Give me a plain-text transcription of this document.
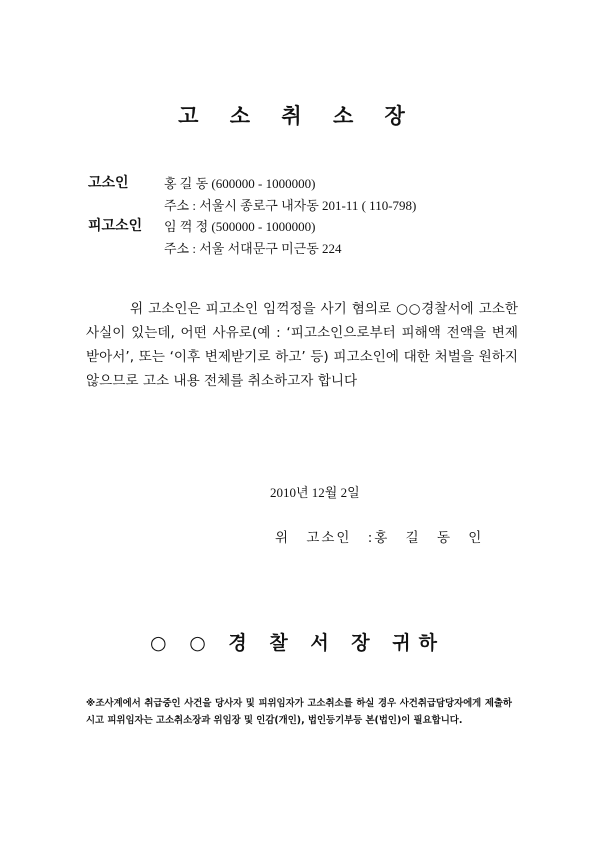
고 소 취 소 장
고소인	홍 길 동 (600000 - 1000000)
주소 : 서울시 종로구 내자동 201-11 ( 110-798)
피고소인 임 꺽 정 (500000 - 1000000)
주소 : 서울 서대문구 미근동 224
위 고소인은 피고소인 임꺽정을 사기 혐의로 ○○경찰서에 고소한 사실이 있는데, 어떤 사유로(예 : ‘피고소인으로부터 피해액 전액을 변제 받아서’, 또는 ‘이후 변제받기로 하고’ 등) 피고소인에 대한 처벌을 원하지 않으므로 고소 내용 전체를 취소하고자 합니다
2010년 12월 2일
위 고소인 :홍 길 동 인
○ ○ 경 찰 서 장 귀하
※조사계에서 취급중인 사건을 당사자 및 피위임자가 고소취소를 하실 경우 사건취급담당자에게 제출하시고 피위임자는 고소취소장과 위임장 및 인감(개인), 법인등기부등 본(법인)이 필요합니다.
